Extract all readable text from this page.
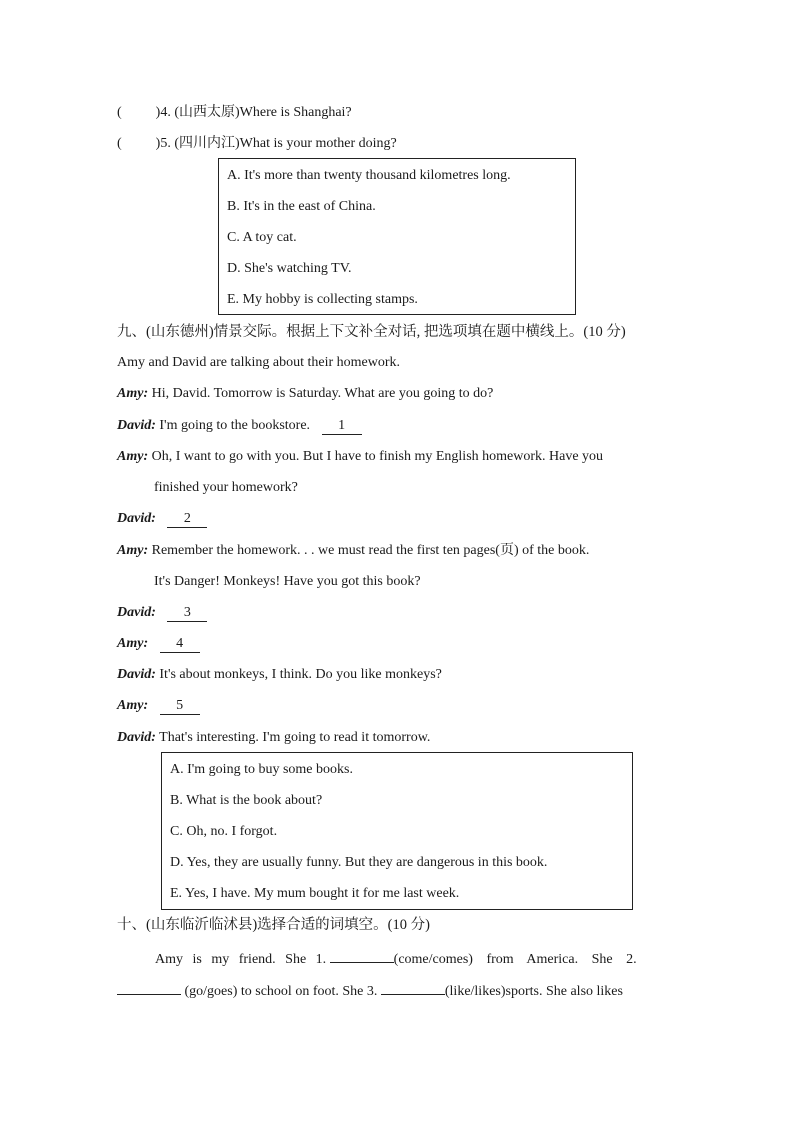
( )4. (山西太原)Where is Shanghai?
( )5. (四川内江)What is your mother doing?
A. It's more than twenty thousand kilometres long.
B. It's in the east of China.
C. A toy cat.
D. She's watching TV.
E. My hobby is collecting stamps.
九、(山东德州)情景交际。根据上下文补全对话, 把选项填在题中横线上。(10 分)
Amy and David are talking about their homework.
Amy: Hi, David. Tomorrow is Saturday. What are you going to do?
David: I'm going to the bookstore. 1
Amy: Oh, I want to go with you. But I have to finish my English homework. Have you
finished your homework?
David: 2
Amy: Remember the homework. . . we must read the first ten pages(页) of the book.
It's Danger! Monkeys! Have you got this book?
David: 3
Amy: 4
David: It's about monkeys, I think. Do you like monkeys?
Amy: 5
David: That's interesting. I'm going to read it tomorrow.
A. I'm going to buy some books.
B. What is the book about?
C. Oh, no. I forgot.
D. Yes, they are usually funny. But they are dangerous in this book.
E. Yes, I have. My mum bought it for me last week.
十、(山东临沂临沭县)选择合适的词填空。(10 分)
Amy is my friend. She 1.	(come/comes) from America. She 2.
(go/goes) to school on foot. She 3.	(like/likes)sports. She also likes
